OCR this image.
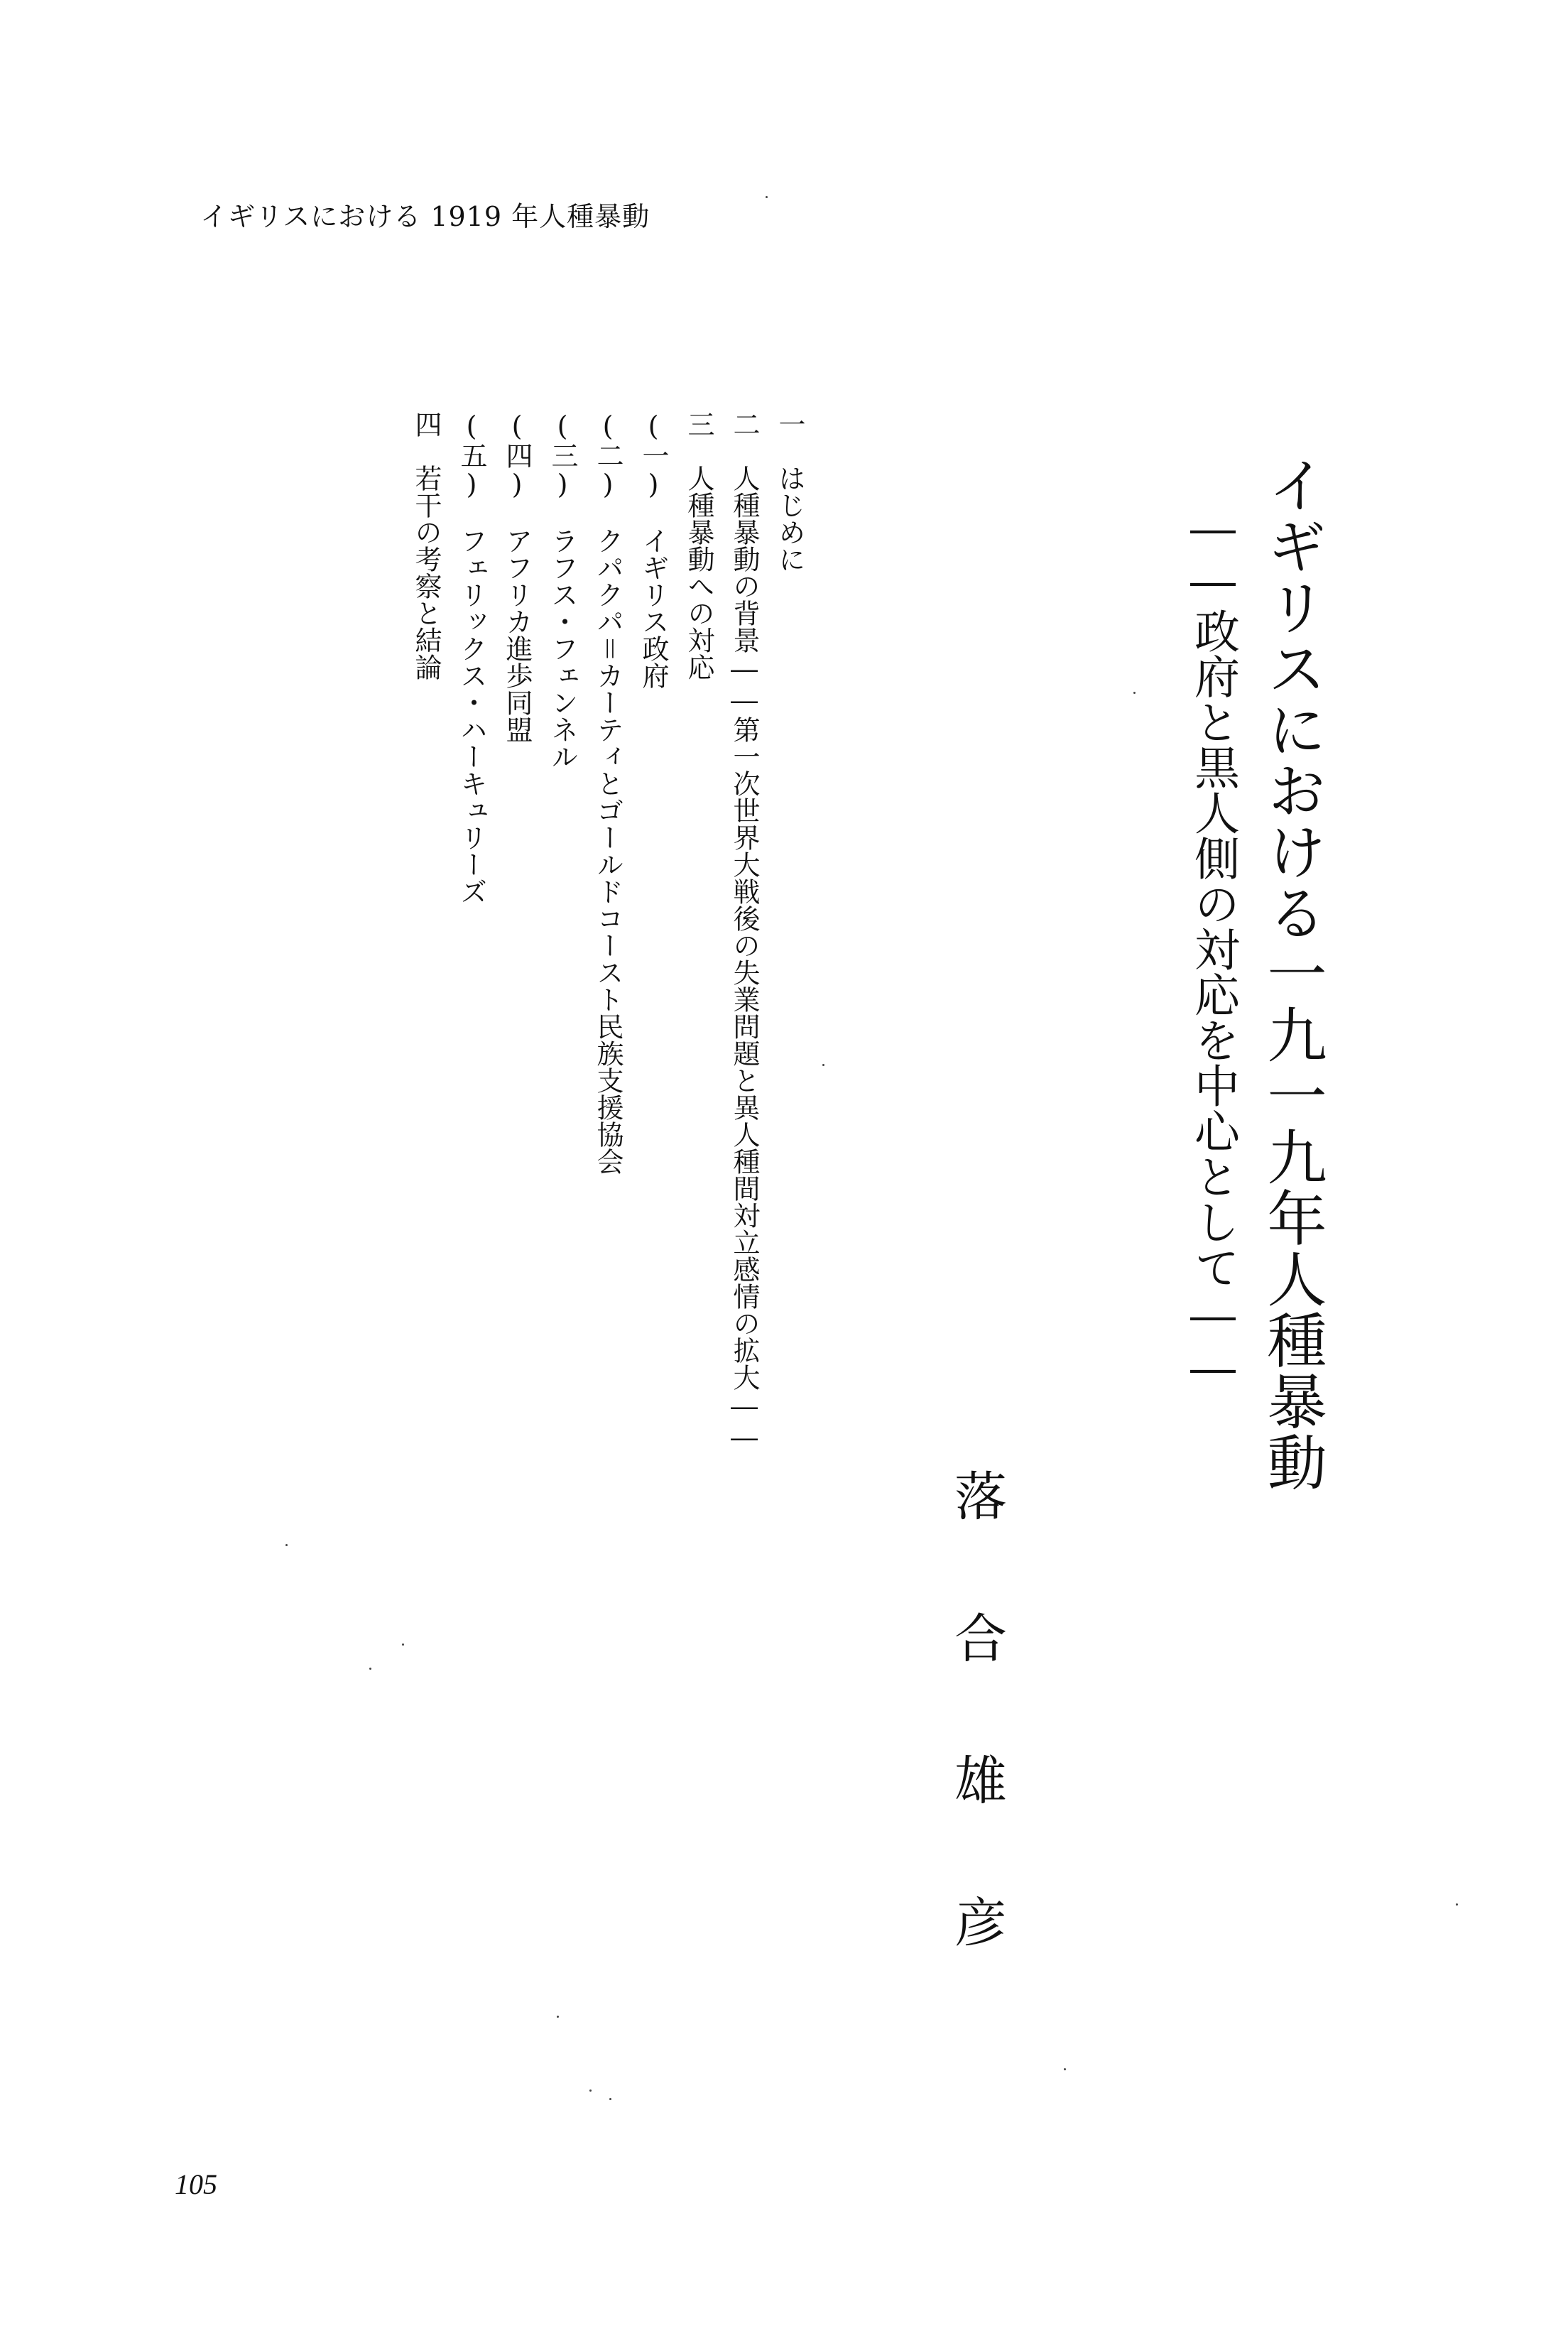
イギリスにおける 1919 年人種暴動
イギリスにおける一九一九年人種暴動
――政府と黒人側の対応を中心として――
落合雄彦
一はじめに
二人種暴動の背景――第一次世界大戦後の失業問題と異人種間対立感情の拡大――
三人種暴動への対応
(一)イギリス政府
(二)クパクパ＝カーティとゴールドコースト民族支援協会
(三)ラフス・フェンネル
(四)アフリカ進歩同盟
(五)フェリックス・ハーキュリーズ
四若干の考察と結論
105
